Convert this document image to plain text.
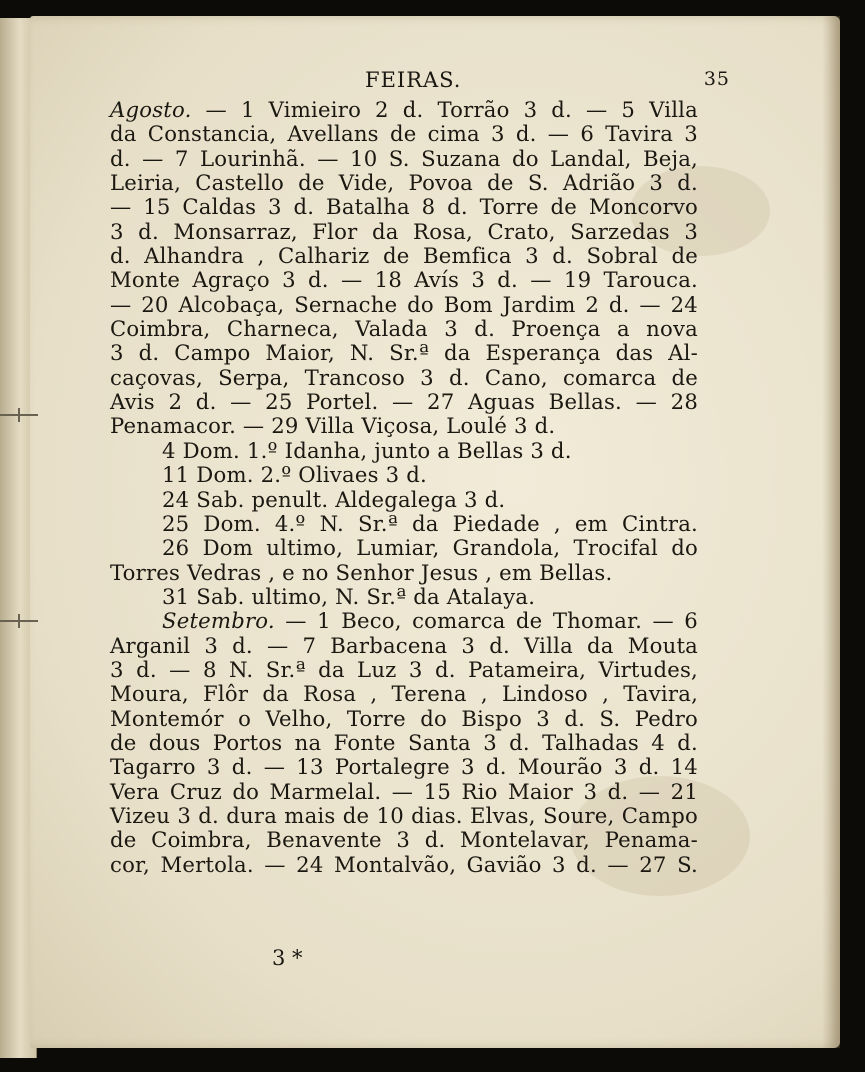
FEIRAS.	35
Agosto. — 1 Vimieiro 2 d. Torrão 3 d. — 5 Villa
da Constancia, Avellans de cima 3 d. — 6 Tavira 3
d. — 7 Lourinhã. — 10 S. Suzana do Landal, Beja,
Leiria, Castello de Vide, Povoa de S. Adrião 3 d.
— 15 Caldas 3 d. Batalha 8 d. Torre de Moncorvo
3 d. Monsarraz, Flor da Rosa, Crato, Sarzedas 3
d. Alhandra , Calhariz de Bemfica 3 d. Sobral de
Monte Agraço 3 d. — 18 Avís 3 d. — 19 Tarouca.
— 20 Alcobaça, Sernache do Bom Jardim 2 d. — 24
Coimbra, Charneca, Valada 3 d. Proença a nova
3 d. Campo Maior, N. Sr.ª da Esperança das Al-
caçovas, Serpa, Trancoso 3 d. Cano, comarca de
Avis 2 d. — 25 Portel. — 27 Aguas Bellas. — 28
Penamacor. — 29 Villa Viçosa, Loulé 3 d.
4 Dom. 1.º Idanha, junto a Bellas 3 d.
11 Dom. 2.º Olivaes 3 d.
24 Sab. penult. Aldegalega 3 d.
25 Dom. 4.º N. Sr.ª da Piedade , em Cintra.
26 Dom ultimo, Lumiar, Grandola, Trocifal do
Torres Vedras , e no Senhor Jesus , em Bellas.
31 Sab. ultimo, N. Sr.ª da Atalaya.
Setembro. — 1 Beco, comarca de Thomar. — 6
Arganil 3 d. — 7 Barbacena 3 d. Villa da Mouta
3 d. — 8 N. Sr.ª da Luz 3 d. Patameira, Virtudes,
Moura, Flôr da Rosa , Terena , Lindoso , Tavira,
Montemór o Velho, Torre do Bispo 3 d. S. Pedro
de dous Portos na Fonte Santa 3 d. Talhadas 4 d.
Tagarro 3 d. — 13 Portalegre 3 d. Mourão 3 d. 14
Vera Cruz do Marmelal. — 15 Rio Maior 3 d. — 21
Vizeu 3 d. dura mais de 10 dias. Elvas, Soure, Campo
de Coimbra, Benavente 3 d. Montelavar, Penama-
cor, Mertola. — 24 Montalvão, Gavião 3 d. — 27 S.
3 *
